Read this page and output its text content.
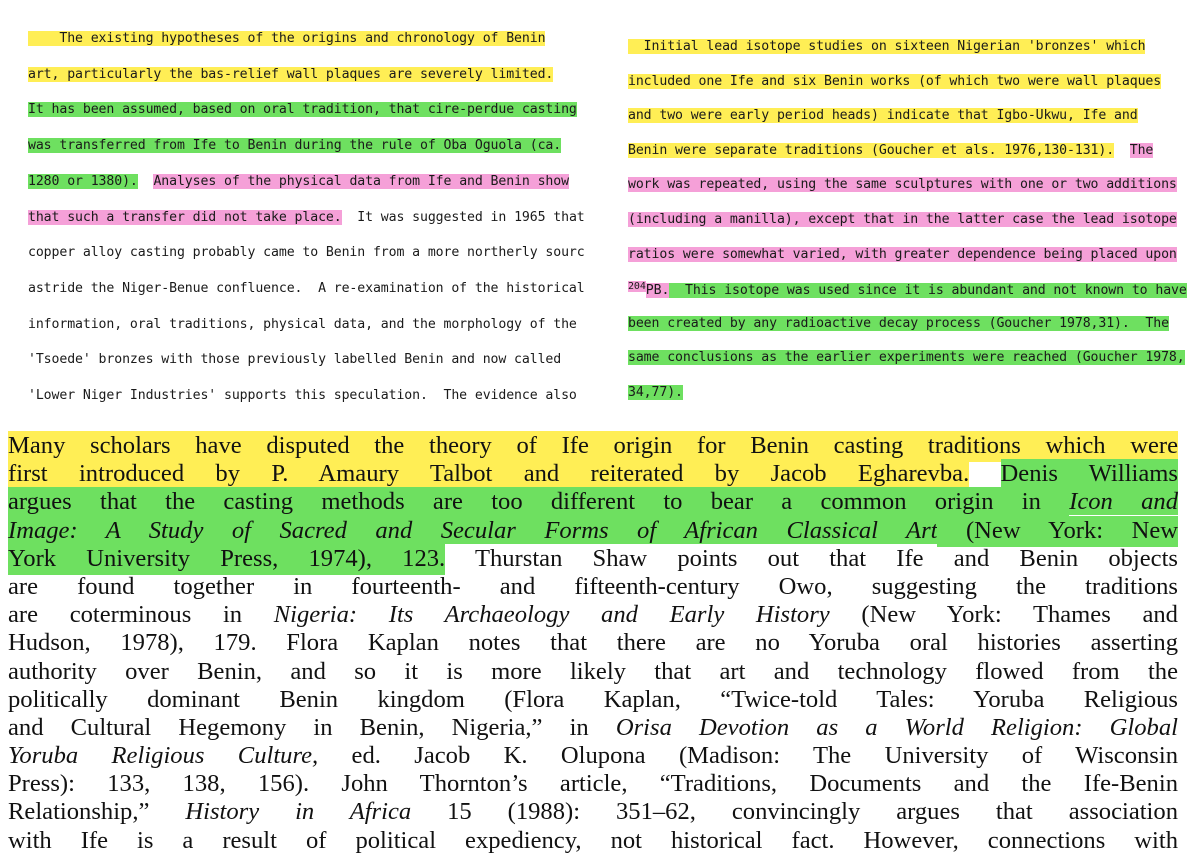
The existing hypotheses of the origins and chronology of Benin
art, particularly the bas-relief wall plaques are severely limited.
It has been assumed, based on oral tradition, that cire-perdue casting
was transferred from Ife to Benin during the rule of Oba Oguola (ca.
1280 or 1380). Analyses of the physical data from Ife and Benin show
that such a transfer did not take place.  It was suggested in 1965 that
copper alloy casting probably came to Benin from a more northerly sourc
astride the Niger-Benue confluence.  A re-examination of the historical
information, oral traditions, physical data, and the morphology of the
'Tsoede' bronzes with those previously labelled Benin and now called
'Lower Niger Industries' supports this speculation.  The evidence also
Initial lead isotope studies on sixteen Nigerian 'bronzes' which
included one Ife and six Benin works (of which two were wall plaques
and two were early period heads) indicate that Igbo-Ukwu, Ife and
Benin were separate traditions (Goucher et als. 1976,130-131). The
work was repeated, using the same sculptures with one or two additions
(including a manilla), except that in the latter case the lead isotope
ratios were somewhat varied, with greater dependence being placed upon
$^{204}$PB.  This isotope was used since it is abundant and not known to have
been created by any radioactive decay process (Goucher 1978,31).  The
same conclusions as the earlier experiments were reached (Goucher 1978,
34,77).
Many scholars have disputed the theory of Ife origin for Benin casting traditions which were
first introduced by P. Amaury Talbot and reiterated by Jacob Egharevba. Denis Williams
argues that the casting methods are too different to bear a common origin in Icon and
Image: A Study of Sacred and Secular Forms of African Classical Art (New York: New
York University Press, 1974), 123. Thurstan Shaw points out that Ife and Benin objects
are found together in fourteenth- and fifteenth-century Owo, suggesting the traditions
are coterminous in Nigeria: Its Archaeology and Early History (New York: Thames and
Hudson, 1978), 179. Flora Kaplan notes that there are no Yoruba oral histories asserting
authority over Benin, and so it is more likely that art and technology flowed from the
politically dominant Benin kingdom (Flora Kaplan, “Twice-told Tales: Yoruba Religious
and Cultural Hegemony in Benin, Nigeria,” in Orisa Devotion as a World Religion: Global
Yoruba Religious Culture, ed. Jacob K. Olupona (Madison: The University of Wisconsin
Press): 133, 138, 156). John Thornton’s article, “Traditions, Documents and the Ife-Benin
Relationship,” History in Africa 15 (1988): 351–62, convincingly argues that association
with Ife is a result of political expediency, not historical fact. However, connections with
